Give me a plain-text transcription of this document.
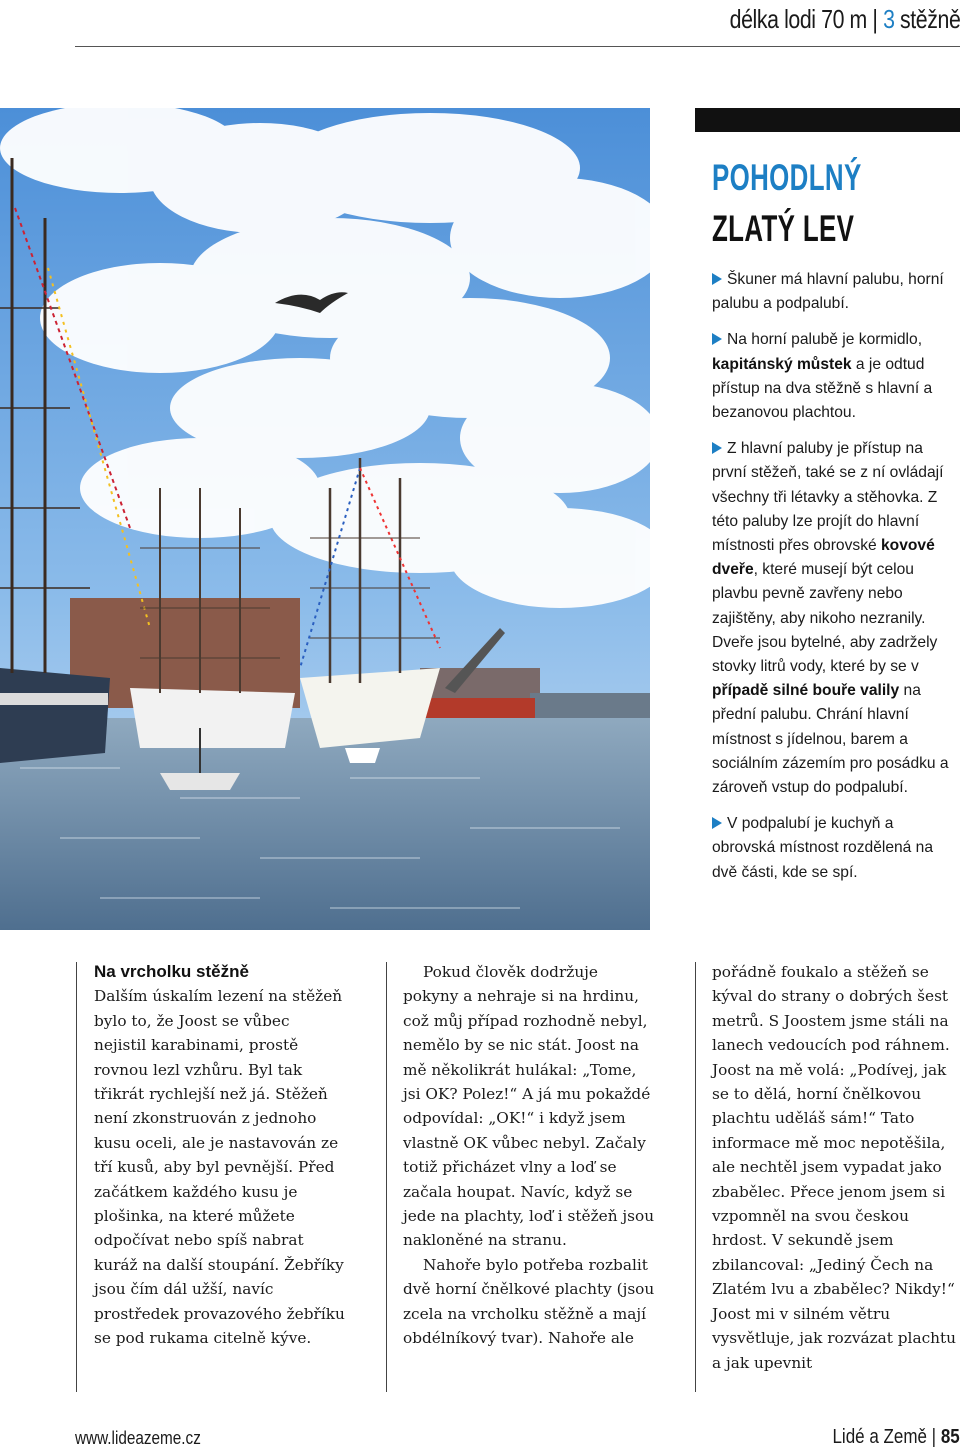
délka lodi 70 m | 3 stěžně
POHODLNÝ
ZLATÝ LEV

Škuner má hlavní palubu, horní palubu a podpalubí.

Na horní palubě je kormidlo, kapitánský můstek a je odtud přístup na dva stěžně s hlavní a bezanovou plachtou.

Z hlavní paluby je přístup na první stěžeň, také se z ní ovládají všechny tři létavky a stěhovka. Z této paluby lze projít do hlavní místnosti přes obrovské kovové dveře, které musejí být celou plavbu pevně zavřeny nebo zajištěny, aby nikoho nezranily. Dveře jsou bytelné, aby zadržely stovky litrů vody, které by se v případě silné bouře valily na přední palubu. Chrání hlavní místnost s jídelnou, barem a sociálním zázemím pro posádku a zároveň vstup do podpalubí.

V podpalubí je kuchyň a obrovská místnost rozdělená na dvě části, kde se spí.

Na vrcholku stěžně

Dalším úskalím lezení na stěžeň bylo to, že Joost se vůbec nejistil karabinami, prostě rovnou lezl vzhůru. Byl tak třikrát rychlejší než já. Stěžeň není zkonstruován z jednoho kusu oceli, ale je nastavován ze tří kusů, aby byl pevnější. Před začátkem každého kusu je plošinka, na které můžete odpočívat nebo spíš nabrat kuráž na další stoupání. Žebříky jsou čím dál užší, navíc prostředek provazového žebříku se pod rukama citelně kýve.

Pokud člověk dodržuje pokyny a nehraje si na hrdinu, což můj případ rozhodně nebyl, nemělo by se nic stát. Joost na mě několikrát hulákal: „Tome, jsi OK? Polez!“ A já mu pokaždé odpovídal: „OK!“ i když jsem vlastně OK vůbec nebyl. Začaly totiž přicházet vlny a loď se začala houpat. Navíc, když se jede na plachty, loď i stěžeň jsou nakloněné na stranu.

Nahoře bylo potřeba rozbalit dvě horní čnělkové plachty (jsou zcela na vrcholku stěžně a mají obdélníkový tvar). Nahoře ale

pořádně foukalo a stěžeň se kýval do strany o dobrých šest metrů. S Joostem jsme stáli na lanech vedoucích pod ráhnem. Joost na mě volá: „Podívej, jak se to dělá, horní čnělkovou plachtu uděláš sám!“ Tato informace mě moc nepotěšila, ale nechtěl jsem vypadat jako zbabělec. Přece jenom jsem si vzpomněl na svou českou hrdost. V sekundě jsem zbilancoval: „Jediný Čech na Zlatém lvu a zbabělec? Nikdy!“ Joost mi v silném větru vysvětluje, jak rozvázat plachtu a jak upevnit

www.lideazeme.cz	Lidé a Země | 85
